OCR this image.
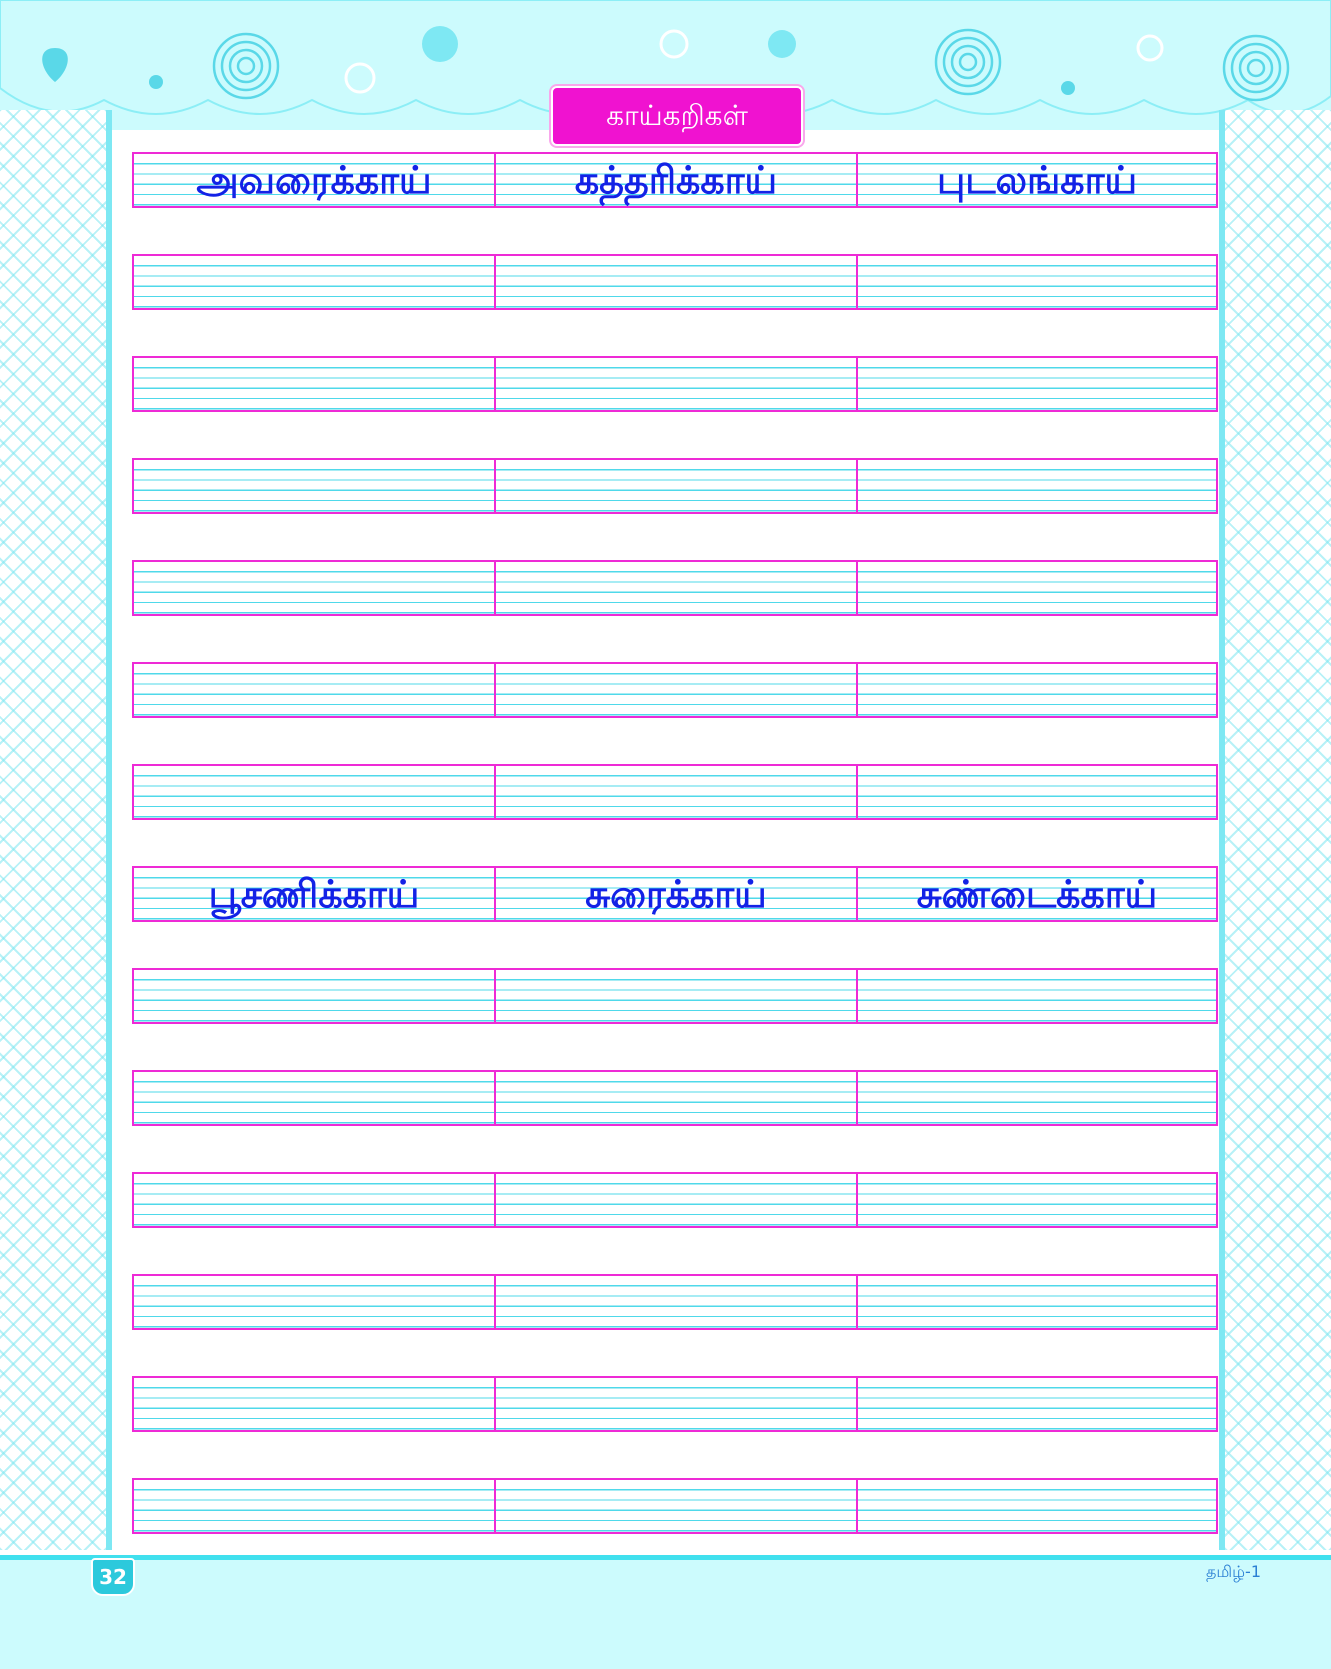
காய்கறிகள்
அவரைக்காய்	கத்தரிக்காய்	புடலங்காய்
பூசணிக்காய்	சுரைக்காய்	சுண்டைக்காய்
32	தமிழ்-1
